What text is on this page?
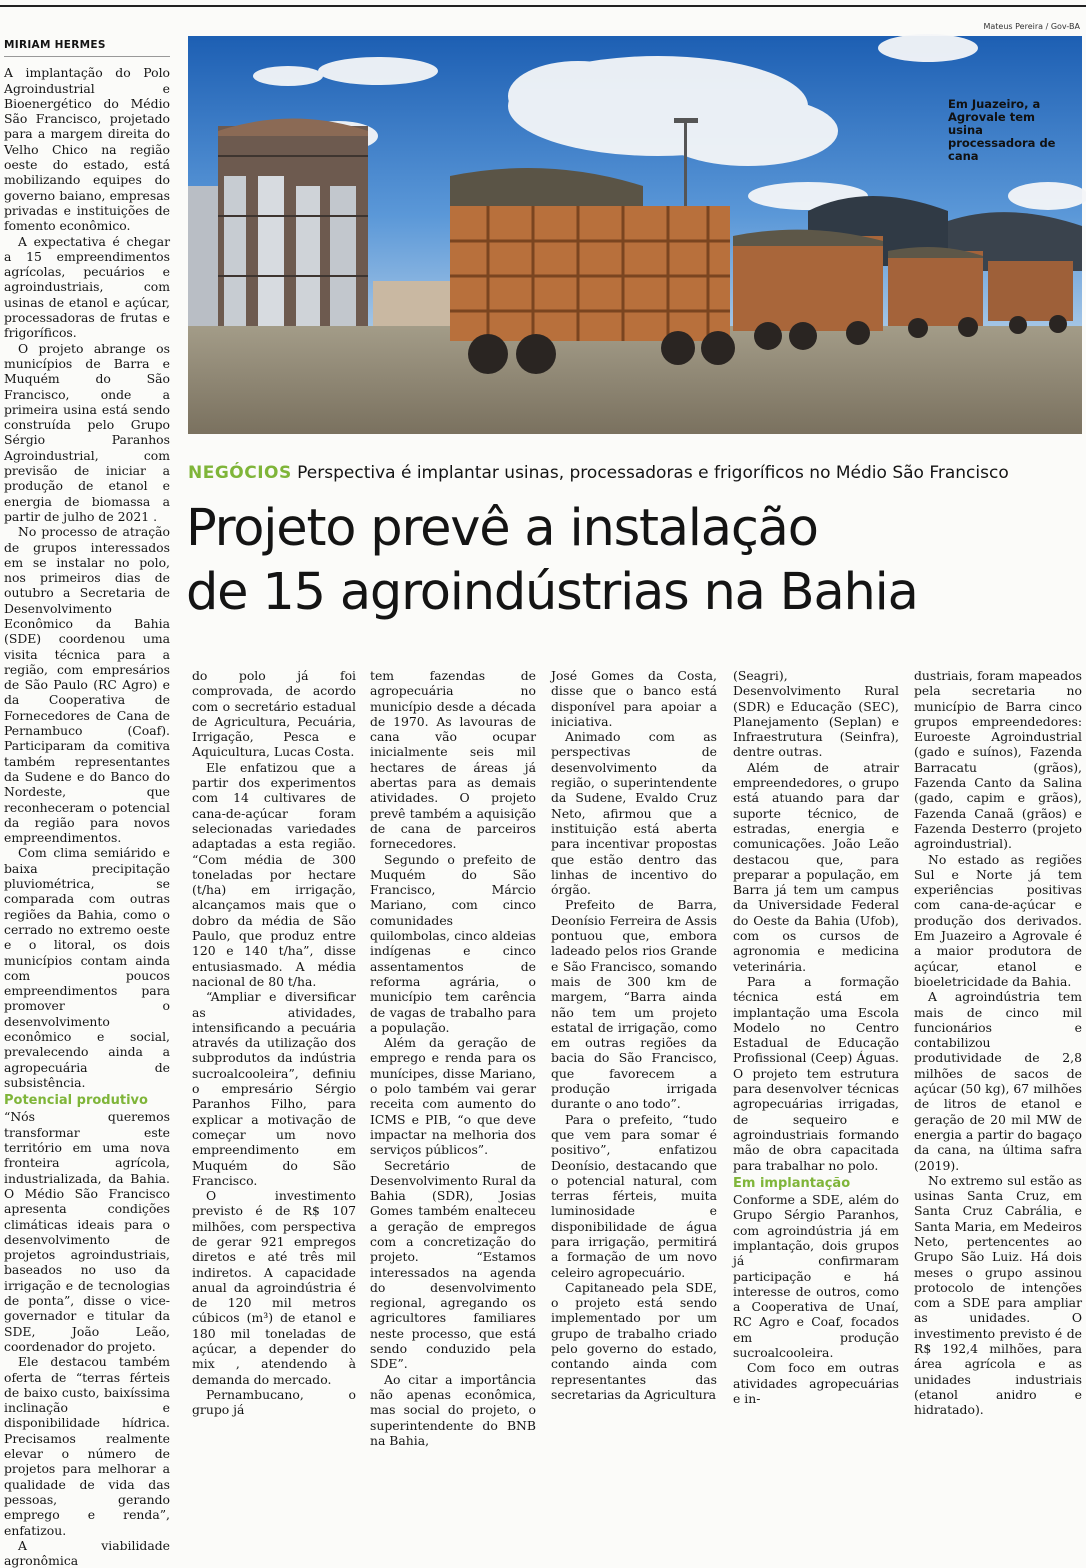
Mateus Pereira / Gov-BA
Em Juazeiro, a Agrovale tem usina processadora de cana
MIRIAM HERMES

A implantação do Polo Agroindustrial e Bioenergético do Médio São Francisco, projetado para a margem direita do Velho Chico na região oeste do estado, está mobilizando equipes do governo baiano, empresas privadas e instituições de fomento econômico.

A expectativa é chegar a 15 empreendimentos agrícolas, pecuários e agroindustriais, com usinas de etanol e açúcar, processadoras de frutas e frigoríficos.

O projeto abrange os municípios de Barra e Muquém do São Francisco, onde a primeira usina está sendo construída pelo Grupo Sérgio Paranhos Agroindustrial, com previsão de iniciar a produção de etanol e energia de biomassa a partir de julho de 2021 .

No processo de atração de grupos interessados em se instalar no polo, nos primeiros dias de outubro a Secretaria de Desenvolvimento Econômico da Bahia (SDE) coordenou uma visita técnica para a região, com empresários de São Paulo (RC Agro) e da Cooperativa de Fornecedores de Cana de Pernambuco (Coaf). Participaram da comitiva também representantes da Sudene e do Banco do Nordeste, que reconheceram o potencial da região para novos empreendimentos.

Com clima semiárido e baixa precipitação pluviométrica, se comparada com outras regiões da Bahia, como o cerrado no extremo oeste e o litoral, os dois municípios contam ainda com poucos empreendimentos para promover o desenvolvimento econômico e social, prevalecendo ainda a agropecuária de subsistência.

Potencial produtivo

“Nós queremos transformar este território em uma nova fronteira agrícola, industrializada, da Bahia. O Médio São Francisco apresenta condições climáticas ideais para o desenvolvimento de projetos agroindustriais, baseados no uso da irrigação e de tecnologias de ponta”, disse o vice-governador e titular da SDE, João Leão, coordenador do projeto.

Ele destacou também oferta de “terras férteis de baixo custo, baixíssima inclinação e disponibilidade hídrica. Precisamos realmente elevar o número de projetos para melhorar a qualidade de vida das pessoas, gerando emprego e renda”, enfatizou.

A viabilidade agronômica

NEGÓCIOS Perspectiva é implantar usinas, processadoras e frigoríficos no Médio São Francisco
Projeto prevê a instalação
de 15 agroindústrias na Bahia

do polo já foi comprovada, de acordo com o secretário estadual de Agricultura, Pecuária, Irrigação, Pesca e Aquicultura, Lucas Costa.

Ele enfatizou que a partir dos experimentos com 14 cultivares de cana-de-açúcar foram selecionadas variedades adaptadas a esta região. “Com média de 300 toneladas por hectare (t/ha) em irrigação, alcançamos mais que o dobro da média de São Paulo, que produz entre 120 e 140 t/ha”, disse entusiasmado. A média nacional de 80 t/ha.

“Ampliar e diversificar as atividades, intensificando a pecuária através da utilização dos subprodutos da indústria sucroalcooleira”, definiu o empresário Sérgio Paranhos Filho, para explicar a motivação de começar um novo empreendimento em Muquém do São Francisco.

O investimento previsto é de R$ 107 milhões, com perspectiva de gerar 921 empregos diretos e até três mil indiretos. A capacidade anual da agroindústria é de 120 mil metros cúbicos (m³) de etanol e 180 mil toneladas de açúcar, a depender do mix , atendendo à demanda do mercado.

Pernambucano, o grupo já

tem fazendas de agropecuária no município desde a década de 1970. As lavouras de cana vão ocupar inicialmente seis mil hectares de áreas já abertas para as demais atividades. O projeto prevê também a aquisição de cana de parceiros fornecedores.

Segundo o prefeito de Muquém do São Francisco, Márcio Mariano, com cinco comunidades quilombolas, cinco aldeias indígenas e cinco assentamentos de reforma agrária, o município tem carência de vagas de trabalho para a população.

Além da geração de emprego e renda para os munícipes, disse Mariano, o polo também vai gerar receita com aumento do ICMS e PIB, “o que deve impactar na melhoria dos serviços públicos”.

Secretário de Desenvolvimento Rural da Bahia (SDR), Josias Gomes também enalteceu a geração de empregos com a concretização do projeto. “Estamos interessados na agenda do desenvolvimento regional, agregando os agricultores familiares neste processo, que está sendo conduzido pela SDE”.

Ao citar a importância não apenas econômica, mas social do projeto, o superintendente do BNB na Bahia,

José Gomes da Costa, disse que o banco está disponível para apoiar a iniciativa.

Animado com as perspectivas de desenvolvimento da região, o superintendente da Sudene, Evaldo Cruz Neto, afirmou que a instituição está aberta para incentivar propostas que estão dentro das linhas de incentivo do órgão.

Prefeito de Barra, Deonísio Ferreira de Assis pontuou que, embora ladeado pelos rios Grande e São Francisco, somando mais de 300 km de margem, “Barra ainda não tem um projeto estatal de irrigação, como em outras regiões da bacia do São Francisco, que favorecem a produção irrigada durante o ano todo”.

Para o prefeito, “tudo que vem para somar é positivo”, enfatizou Deonísio, destacando que o potencial natural, com terras férteis, muita luminosidade e disponibilidade de água para irrigação, permitirá a formação de um novo celeiro agropecuário.

Capitaneado pela SDE, o projeto está sendo implementado por um grupo de trabalho criado pelo governo do estado, contando ainda com representantes das secretarias da Agricultura

(Seagri), Desenvolvimento Rural (SDR) e Educação (SEC), Planejamento (Seplan) e Infraestrutura (Seinfra), dentre outras.

Além de atrair empreendedores, o grupo está atuando para dar suporte técnico, de estradas, energia e comunicações. João Leão destacou que, para preparar a população, em Barra já tem um campus da Universidade Federal do Oeste da Bahia (Ufob), com os cursos de agronomia e medicina veterinária.

Para a formação técnica está em implantação uma Escola Modelo no Centro Estadual de Educação Profissional (Ceep) Águas. O projeto tem estrutura para desenvolver técnicas agropecuárias irrigadas, de sequeiro e agroindustriais formando mão de obra capacitada para trabalhar no polo.

Em implantação

Conforme a SDE, além do Grupo Sérgio Paranhos, com agroindústria já em implantação, dois grupos já confirmaram participação e há interesse de outros, como a Cooperativa de Unaí, RC Agro e Coaf, focados em produção sucroalcooleira.

Com foco em outras atividades agropecuárias e in-

dustriais, foram mapeados pela secretaria no município de Barra cinco grupos empreendedores: Euroeste Agroindustrial (gado e suínos), Fazenda Barracatu (grãos), Fazenda Canto da Salina (gado, capim e grãos), Fazenda Canaã (grãos) e Fazenda Desterro (projeto agroindustrial).

No estado as regiões Sul e Norte já tem experiências positivas com cana-de-açúcar e produção dos derivados. Em Juazeiro a Agrovale é a maior produtora de açúcar, etanol e bioeletricidade da Bahia.

A agroindústria tem mais de cinco mil funcionários e contabilizou produtividade de 2,8 milhões de sacos de açúcar (50 kg), 67 milhões de litros de etanol e geração de 20 mil MW de energia a partir do bagaço da cana, na última safra (2019).

No extremo sul estão as usinas Santa Cruz, em Santa Cruz Cabrália, e Santa Maria, em Medeiros Neto, pertencentes ao Grupo São Luiz. Há dois meses o grupo assinou protocolo de intenções com a SDE para ampliar as unidades. O investimento previsto é de R$ 192,4 milhões, para área agrícola e as unidades industriais (etanol anidro e hidratado).
